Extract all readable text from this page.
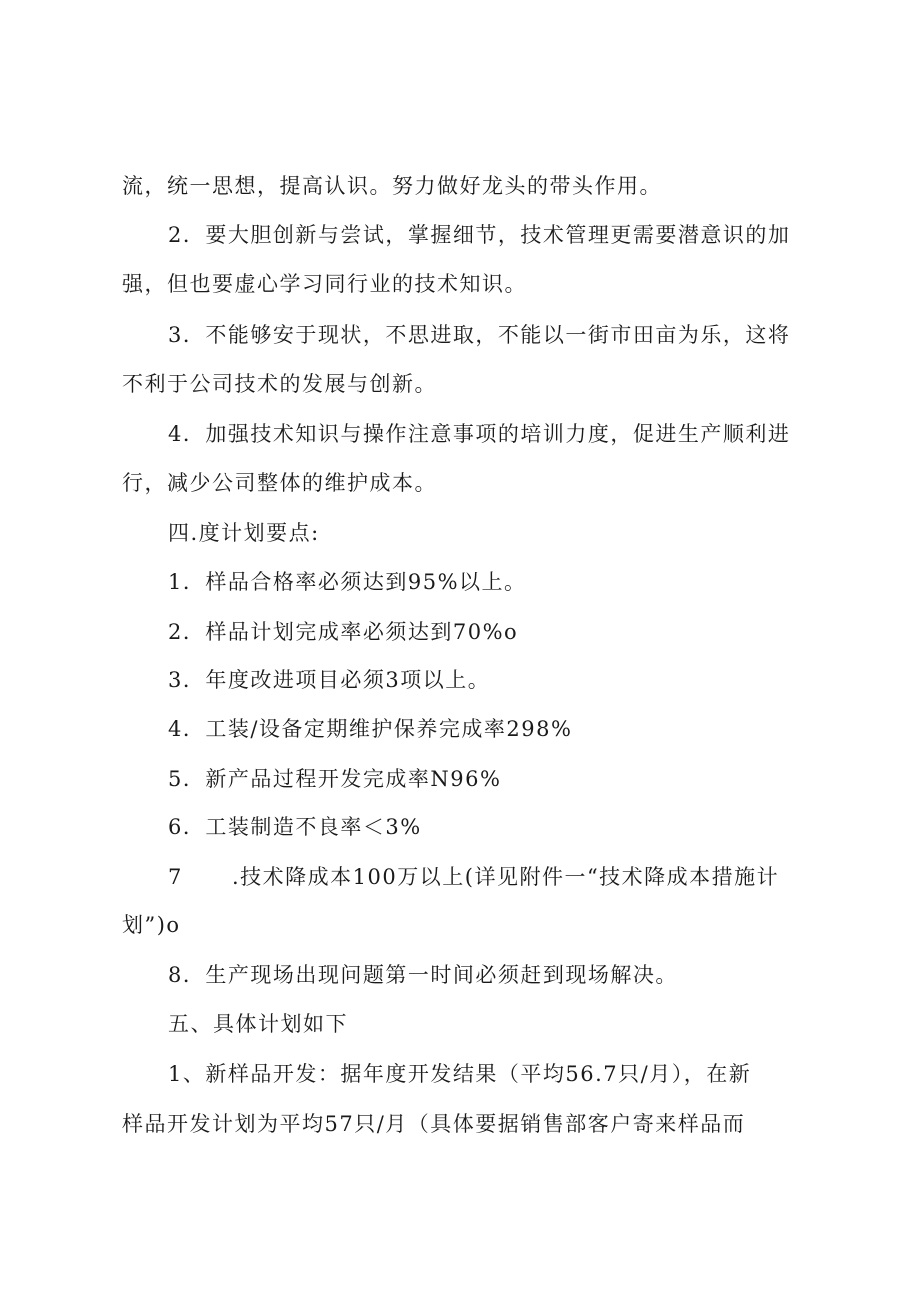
流，统一思想，提高认识。努力做好龙头的带头作用。
2．要大胆创新与尝试，掌握细节，技术管理更需要潜意识的加
强，但也要虚心学习同行业的技术知识。
3．不能够安于现状，不思进取，不能以一街市田亩为乐，这将
不利于公司技术的发展与创新。
4．加强技术知识与操作注意事项的培训力度，促进生产顺利进
行，减少公司整体的维护成本。
四.度计划要点:
1．样品合格率必须达到95%以上。
2．样品计划完成率必须达到70%o
3．年度改进项目必须3项以上。
4．工装/设备定期维护保养完成率298%
5．新产品过程开发完成率N96%
6．工装制造不良率＜3%
7 .技术降成本100万以上(详见附件一“技术降成本措施计
划”)o
8．生产现场出现问题第一时间必须赶到现场解决。
五、具体计划如下
1、新样品开发：据年度开发结果（平均56.7只/月），在新
样品开发计划为平均57只/月（具体要据销售部客户寄来样品而
